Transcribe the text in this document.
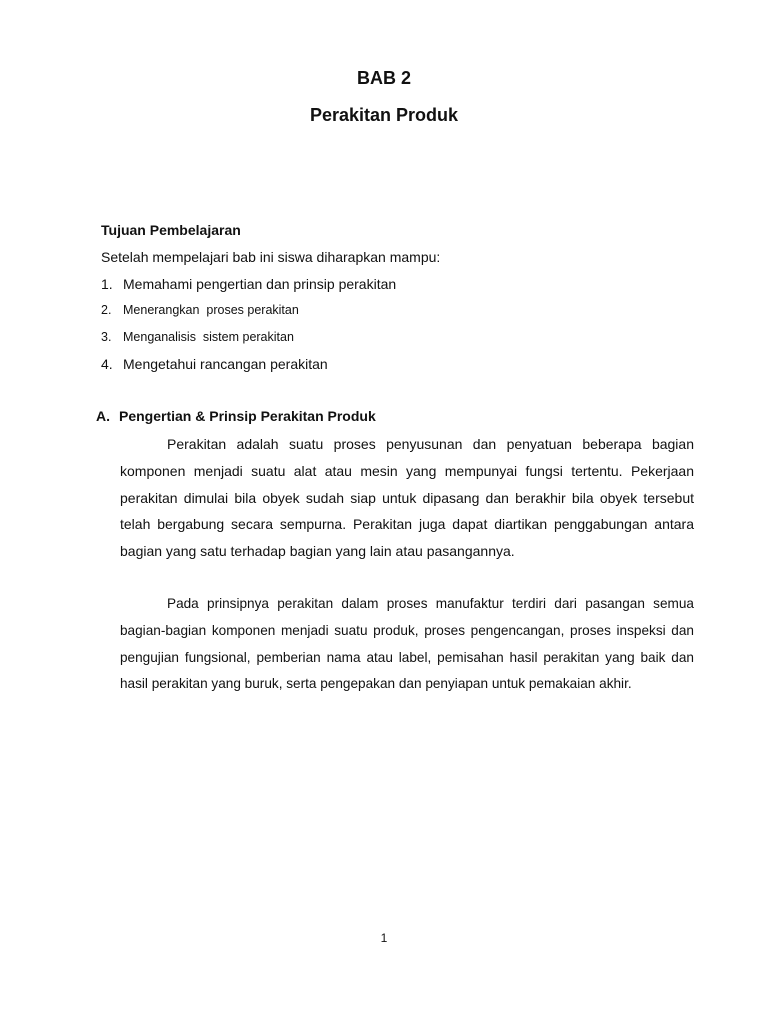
BAB 2
Perakitan Produk
Tujuan Pembelajaran
Setelah mempelajari bab ini siswa diharapkan mampu:
1. Memahami pengertian dan prinsip perakitan
2. Menerangkan  proses perakitan
3. Menganalisis  sistem perakitan
4. Mengetahui rancangan perakitan
A. Pengertian & Prinsip Perakitan Produk

Perakitan adalah suatu proses penyusunan dan penyatuan beberapa bagian komponen menjadi suatu alat atau mesin yang mempunyai fungsi tertentu. Pekerjaan perakitan dimulai bila obyek sudah siap untuk dipasang dan berakhir bila obyek tersebut telah bergabung secara sempurna. Perakitan juga dapat diartikan penggabungan antara bagian yang satu terhadap bagian yang lain atau pasangannya.

Pada prinsipnya perakitan dalam proses manufaktur terdiri dari pasangan semua bagian-bagian komponen menjadi suatu produk, proses pengencangan, proses inspeksi dan pengujian fungsional, pemberian nama atau label, pemisahan hasil perakitan yang baik dan hasil perakitan yang buruk, serta pengepakan dan penyiapan untuk pemakaian akhir.

1
